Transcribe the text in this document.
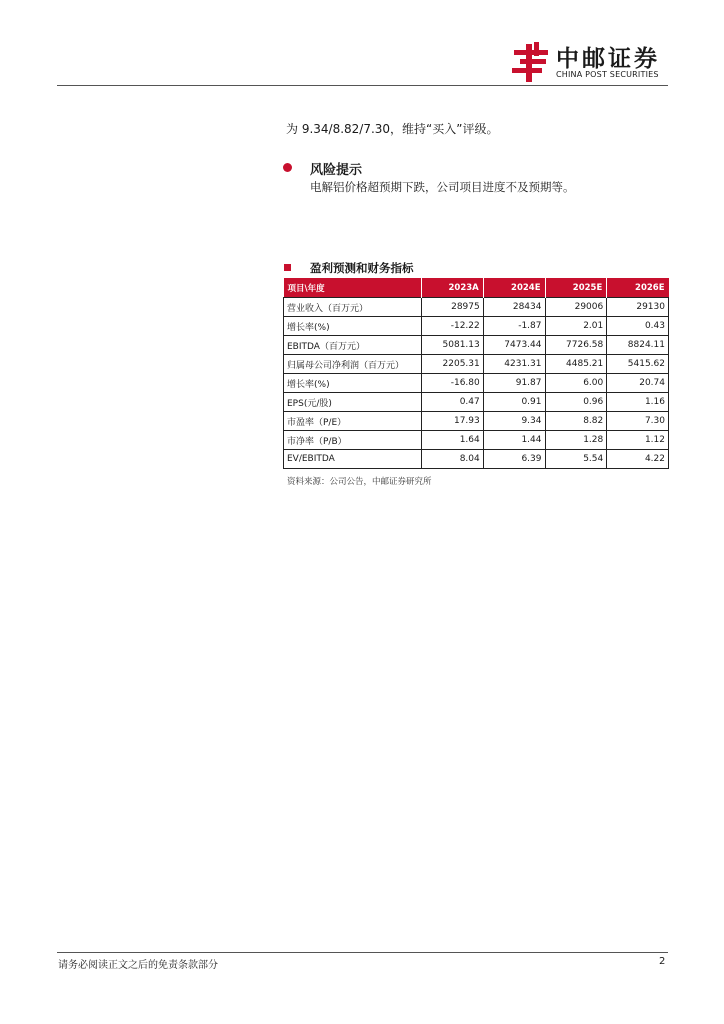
中邮证券
CHINA POST SECURITIES
为 9.34/8.82/7.30，维持“买入”评级。
风险提示
电解铝价格超预期下跌，公司项目进度不及预期等。
盈利预测和财务指标
项目\年度	2023A	2024E	2025E	2026E
营业收入（百万元）	28975	28434	29006	29130
增长率(%)	-12.22	-1.87	2.01	0.43
EBITDA（百万元）	5081.13	7473.44	7726.58	8824.11
归属母公司净利润（百万元）	2205.31	4231.31	4485.21	5415.62
增长率(%)	-16.80	91.87	6.00	20.74
EPS(元/股)	0.47	0.91	0.96	1.16
市盈率（P/E）	17.93	9.34	8.82	7.30
市净率（P/B）	1.64	1.44	1.28	1.12
EV/EBITDA	8.04	6.39	5.54	4.22
资料来源：公司公告，中邮证券研究所
请务必阅读正文之后的免责条款部分	2
